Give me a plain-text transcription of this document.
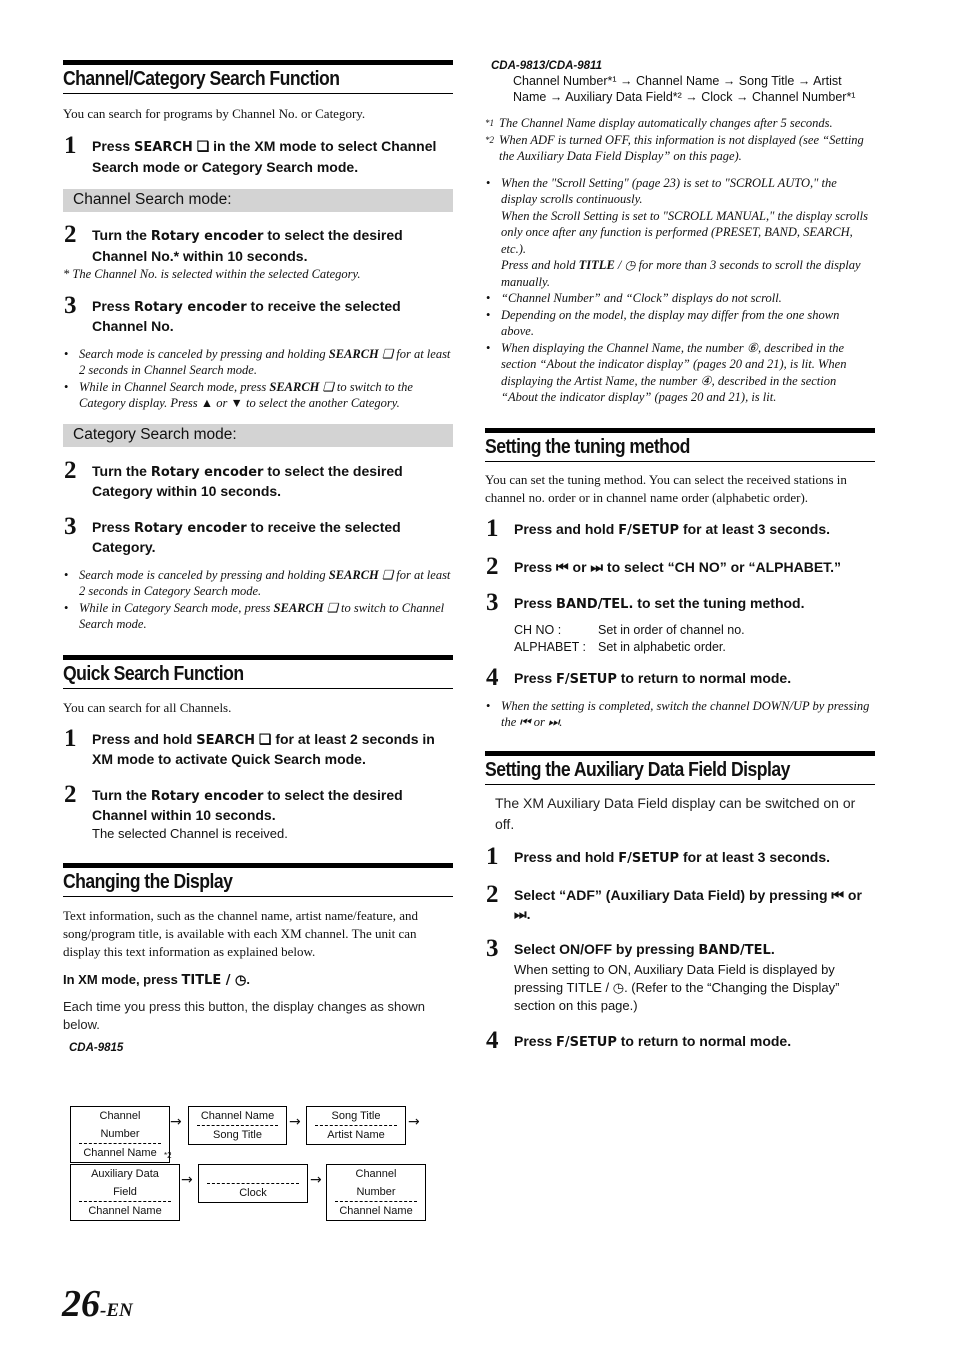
Channel/Category Search Function
You can search for programs by Channel No. or Category.
1 Press SEARCH ❏ in the XM mode to select Channel Search mode or Category Search mode.
Channel Search mode:
2 Turn the Rotary encoder to select the desired Channel No.* within 10 seconds.
* The Channel No. is selected within the selected Category.
3 Press Rotary encoder to receive the selected Channel No.
• Search mode is canceled by pressing and holding SEARCH ❏ for at least 2 seconds in Channel Search mode.
• While in Channel Search mode, press SEARCH ❏ to switch to the Category display. Press ▲ or ▼ to select the another Category.
Category Search mode:
2 Turn the Rotary encoder to select the desired Category within 10 seconds.
3 Press Rotary encoder to receive the selected Category.
• Search mode is canceled by pressing and holding SEARCH ❏ for at least 2 seconds in Category Search mode.
• While in Category Search mode, press SEARCH ❏ to switch to Channel Search mode.
Quick Search Function
You can search for all Channels.
1 Press and hold SEARCH ❏ for at least 2 seconds in XM mode to activate Quick Search mode.
2 Turn the Rotary encoder to select the desired Channel within 10 seconds.
The selected Channel is received.
Changing the Display
Text information, such as the channel name, artist name/feature, and song/program title, is available with each XM channel. The unit can display this text information as explained below.
In XM mode, press TITLE / ◷.
Each time you press this button, the display changes as shown below.
CDA-9815
Channel Number
Channel Name
→	Channel Name
Song Title
→	Song Title
Artist Name
→
*2
Auxiliary Data Field
Channel Name
→
Clock
→	Channel Number
Channel Name
CDA-9813/CDA-9811
Channel Number*¹ → Channel Name → Song Title → Artist
Name → Auxiliary Data Field*² → Clock → Channel Number*¹
*1 The Channel Name display automatically changes after 5 seconds.
*2 When ADF is turned OFF, this information is not displayed (see “Setting the Auxiliary Data Field Display” on this page).
• When the "Scroll Setting" (page 23) is set to "SCROLL AUTO," the display scrolls continuously.
When the Scroll Setting is set to "SCROLL MANUAL," the display scrolls only once after any function is performed (PRESET, BAND, SEARCH, etc.).
Press and hold TITLE / ◷ for more than 3 seconds to scroll the display manually.
• “Channel Number” and “Clock” displays do not scroll.
• Depending on the model, the display may differ from the one shown above.
• When displaying the Channel Name, the number ⑥, described in the section “About the indicator display” (pages 20 and 21), is lit. When displaying the Artist Name, the number ④, described in the section “About the indicator display” (pages 20 and 21), is lit.
Setting the tuning method
You can set the tuning method. You can select the received stations in channel no. order or in channel name order (alphabetic order).
1 Press and hold F/SETUP for at least 3 seconds.
2 Press ⏮ or ⏭ to select “CH NO” or “ALPHABET.”
3 Press BAND/TEL. to set the tuning method.
CH NO :	Set in order of channel no.
ALPHABET : Set in alphabetic order.
4 Press F/SETUP to return to normal mode.
• When the setting is completed, switch the channel DOWN/UP by pressing the ⏮ or ⏭.
Setting the Auxiliary Data Field Display
The XM Auxiliary Data Field display can be switched on or off.
1 Press and hold F/SETUP for at least 3 seconds.
2 Select “ADF” (Auxiliary Data Field) by pressing ⏮ or ⏭.
3 Select ON/OFF by pressing BAND/TEL.
When setting to ON, Auxiliary Data Field is displayed by pressing TITLE / ◷. (Refer to the “Changing the Display” section on this page.)
4 Press F/SETUP to return to normal mode.
26-EN
